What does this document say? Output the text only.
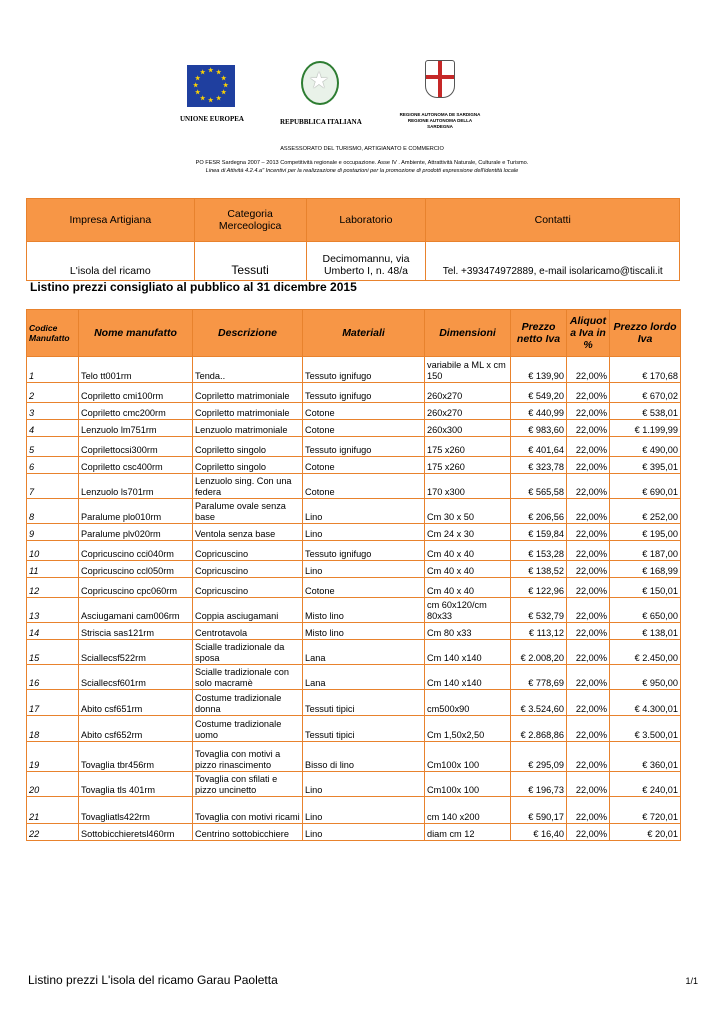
★ ★
★
★
★
★
★
★
★
★
★
★
UNIONE EUROPEA
★	REPUBBLICA ITALIANA
REGIONE AUTONOMA DE SARDIGNA
REGIONE AUTONOMA DELLA SARDEGNA
ASSESSORATO DEL TURISMO, ARTIGIANATO E COMMERCIO
PO FESR Sardegna 2007 – 2013 Competitività regionale e occupazione. Asse IV . Ambiente, Attrattività Naturale, Culturale e Turismo.
Linea di Attività 4.2.4.a" Incentivi per la realizzazione di postazioni per la promozione di prodotti espressione dell'identità locale
Impresa Artigiana	Categoria Merceologica	Laboratorio	Contatti
L'isola del ricamo	Tessuti	Decimomannu, via Umberto I, n. 48/a	Tel. +393474972889, e-mail isolaricamo@tiscali.it
Listino prezzi consigliato al pubblico al 31 dicembre 2015
Codice Manufatto	Nome manufatto	Descrizione	Materiali	Dimensioni	Prezzo netto Iva	Aliquot a Iva in %	Prezzo lordo Iva
1	Telo tt001rm	Tenda..	Tessuto ignifugo	variabile a ML x cm 150	€ 139,90	22,00%	€ 170,68
2	Copriletto cmi100rm	Copriletto matrimoniale	Tessuto ignifugo	260x270	€ 549,20	22,00%	€ 670,02
3	Copriletto cmc200rm	Copriletto matrimoniale	Cotone	260x270	€ 440,99	22,00%	€ 538,01
4	Lenzuolo lm751rm	Lenzuolo matrimoniale	Cotone	260x300	€ 983,60	22,00%	€ 1.199,99
5	Coprilettocsi300rm	Copriletto singolo	Tessuto ignifugo	175 x260	€ 401,64	22,00%	€ 490,00
6	Copriletto csc400rm	Copriletto singolo	Cotone	175 x260	€ 323,78	22,00%	€ 395,01
7	Lenzuolo ls701rm	Lenzuolo sing. Con una federa	Cotone	170 x300	€ 565,58	22,00%	€ 690,01
8	Paralume plo010rm	Paralume ovale senza base	Lino	Cm 30 x 50	€ 206,56	22,00%	€ 252,00
9	Paralume plv020rm	Ventola senza base	Lino	Cm 24 x 30	€ 159,84	22,00%	€ 195,00
10	Copricuscino cci040rm	Copricuscino	Tessuto ignifugo	Cm 40 x 40	€ 153,28	22,00%	€ 187,00
11	Copricuscino ccl050rm	Copricuscino	Lino	Cm 40 x 40	€ 138,52	22,00%	€ 168,99
12	Copricuscino cpc060rm	Copricuscino	Cotone	Cm 40 x 40	€ 122,96	22,00%	€ 150,01
13	Asciugamani cam006rm	Coppia asciugamani	Misto lino	cm 60x120/cm 80x33	€ 532,79	22,00%	€ 650,00
14	Striscia sas121rm	Centrotavola	Misto lino	Cm 80 x33	€ 113,12	22,00%	€ 138,01
15	Sciallecsf522rm	Scialle tradizionale da sposa	Lana	Cm 140 x140	€ 2.008,20	22,00%	€ 2.450,00
16	Sciallecsf601rm	Scialle tradizionale con solo macramè	Lana	Cm 140 x140	€ 778,69	22,00%	€ 950,00
17	Abito csf651rm	Costume tradizionale donna	Tessuti tipici	cm500x90	€ 3.524,60	22,00%	€ 4.300,01
18	Abito csf652rm	Costume tradizionale uomo	Tessuti tipici	Cm 1,50x2,50	€ 2.868,86	22,00%	€ 3.500,01
19	Tovaglia tbr456rm	Tovaglia con motivi a pizzo rinascimento	Bisso di lino	Cm100x 100	€ 295,09	22,00%	€ 360,01
20	Tovaglia tls 401rm	Tovaglia con sfilati e pizzo uncinetto	Lino	Cm100x 100	€ 196,73	22,00%	€ 240,01
21	Tovagliatls422rm	Tovaglia con motivi ricami	Lino	cm 140 x200	€ 590,17	22,00%	€ 720,01
22	Sottobicchieretsl460rm	Centrino sottobicchiere	Lino	diam cm 12	€ 16,40	22,00%	€ 20,01
Listino prezzi L'isola del ricamo Garau Paoletta	1/1
